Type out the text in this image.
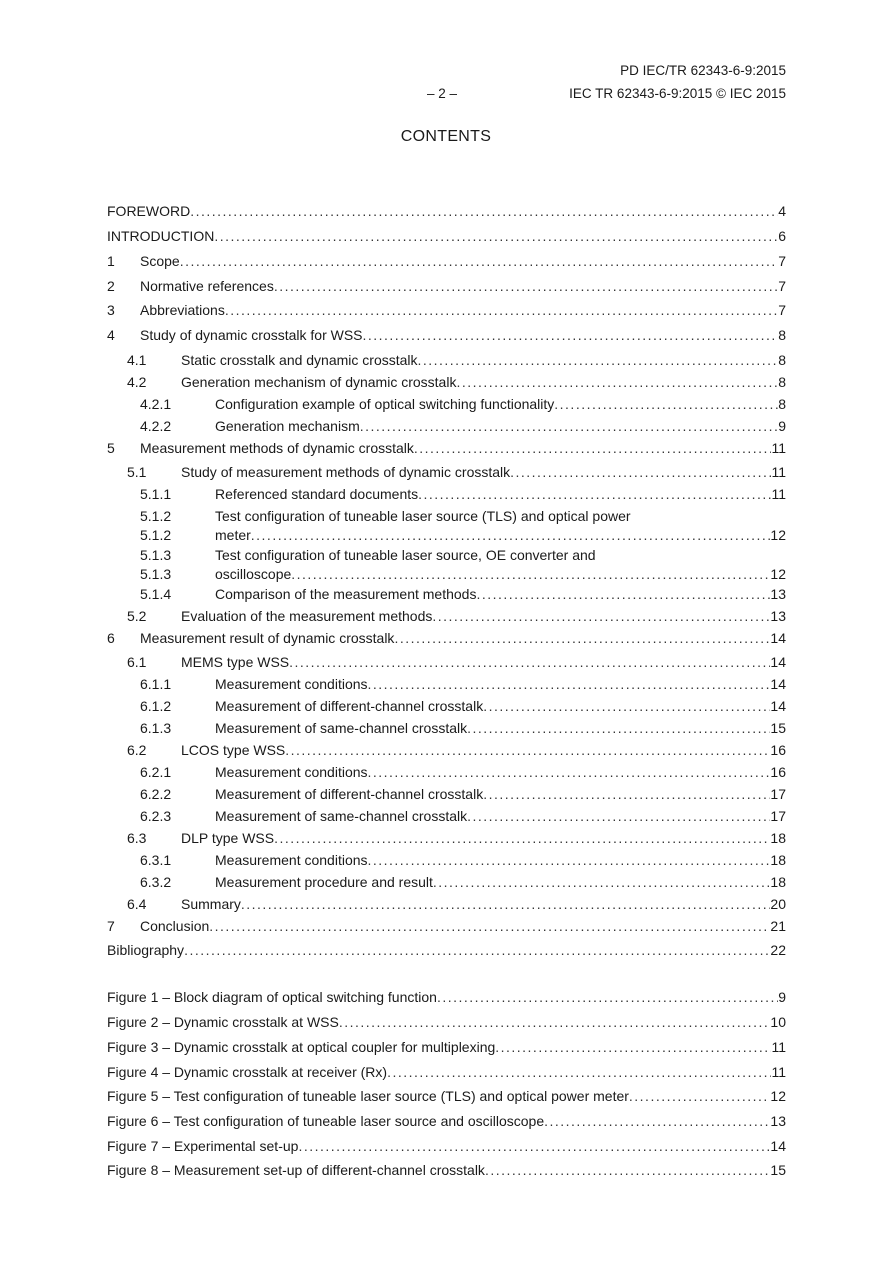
PD IEC/TR 62343-6-9:2015
– 2 –	IEC TR 62343-6-9:2015 © IEC 2015
CONTENTS
FOREWORD . . .	4
INTRODUCTION . . .	6
1	Scope . . .	7
2	Normative references . . .	7
3	Abbreviations . . .	7
4	Study of dynamic crosstalk for WSS . . .	8
4.1	Static crosstalk and dynamic crosstalk . . .	8
4.2	Generation mechanism of dynamic crosstalk . . .	8
4.2.1	Configuration example of optical switching functionality . . .	8
4.2.2	Generation mechanism . . .	9
5	Measurement methods of dynamic crosstalk . . .	11
5.1	Study of measurement methods of dynamic crosstalk . . .	11
5.1.1	Referenced standard documents . . .	11
5.1.2	Test configuration of tuneable laser source (TLS) and optical power
5.1.2	meter . . .	12
5.1.3	Test configuration of tuneable laser source, OE converter and
5.1.3	oscilloscope . . .	12
5.1.4	Comparison of the measurement methods . . .	13
5.2	Evaluation of the measurement methods . . .	13
6	Measurement result of dynamic crosstalk . . .	14
6.1	MEMS type WSS . . .	14
6.1.1	Measurement conditions . . .	14
6.1.2	Measurement of different-channel crosstalk . . .	14
6.1.3	Measurement of same-channel crosstalk . . .	15
6.2	LCOS type WSS . . .	16
6.2.1	Measurement conditions . . .	16
6.2.2	Measurement of different-channel crosstalk . . .	17
6.2.3	Measurement of same-channel crosstalk . . .	17
6.3	DLP type WSS . . .	18
6.3.1	Measurement conditions . . .	18
6.3.2	Measurement procedure and result . . .	18
6.4	Summary . . .	20
7	Conclusion . . .	21
Bibliography . . .	22
Figure 1 – Block diagram of optical switching function . . .	9
Figure 2 – Dynamic crosstalk at WSS . . .	10
Figure 3 – Dynamic crosstalk at optical coupler for multiplexing . . .	11
Figure 4 – Dynamic crosstalk at receiver (Rx) . . .	11
Figure 5 – Test configuration of tuneable laser source (TLS) and optical power meter . . .	12
Figure 6 – Test configuration of tuneable laser source and oscilloscope . . .	13
Figure 7 – Experimental set-up . . .	14
Figure 8 – Measurement set-up of different-channel crosstalk . . .	15
